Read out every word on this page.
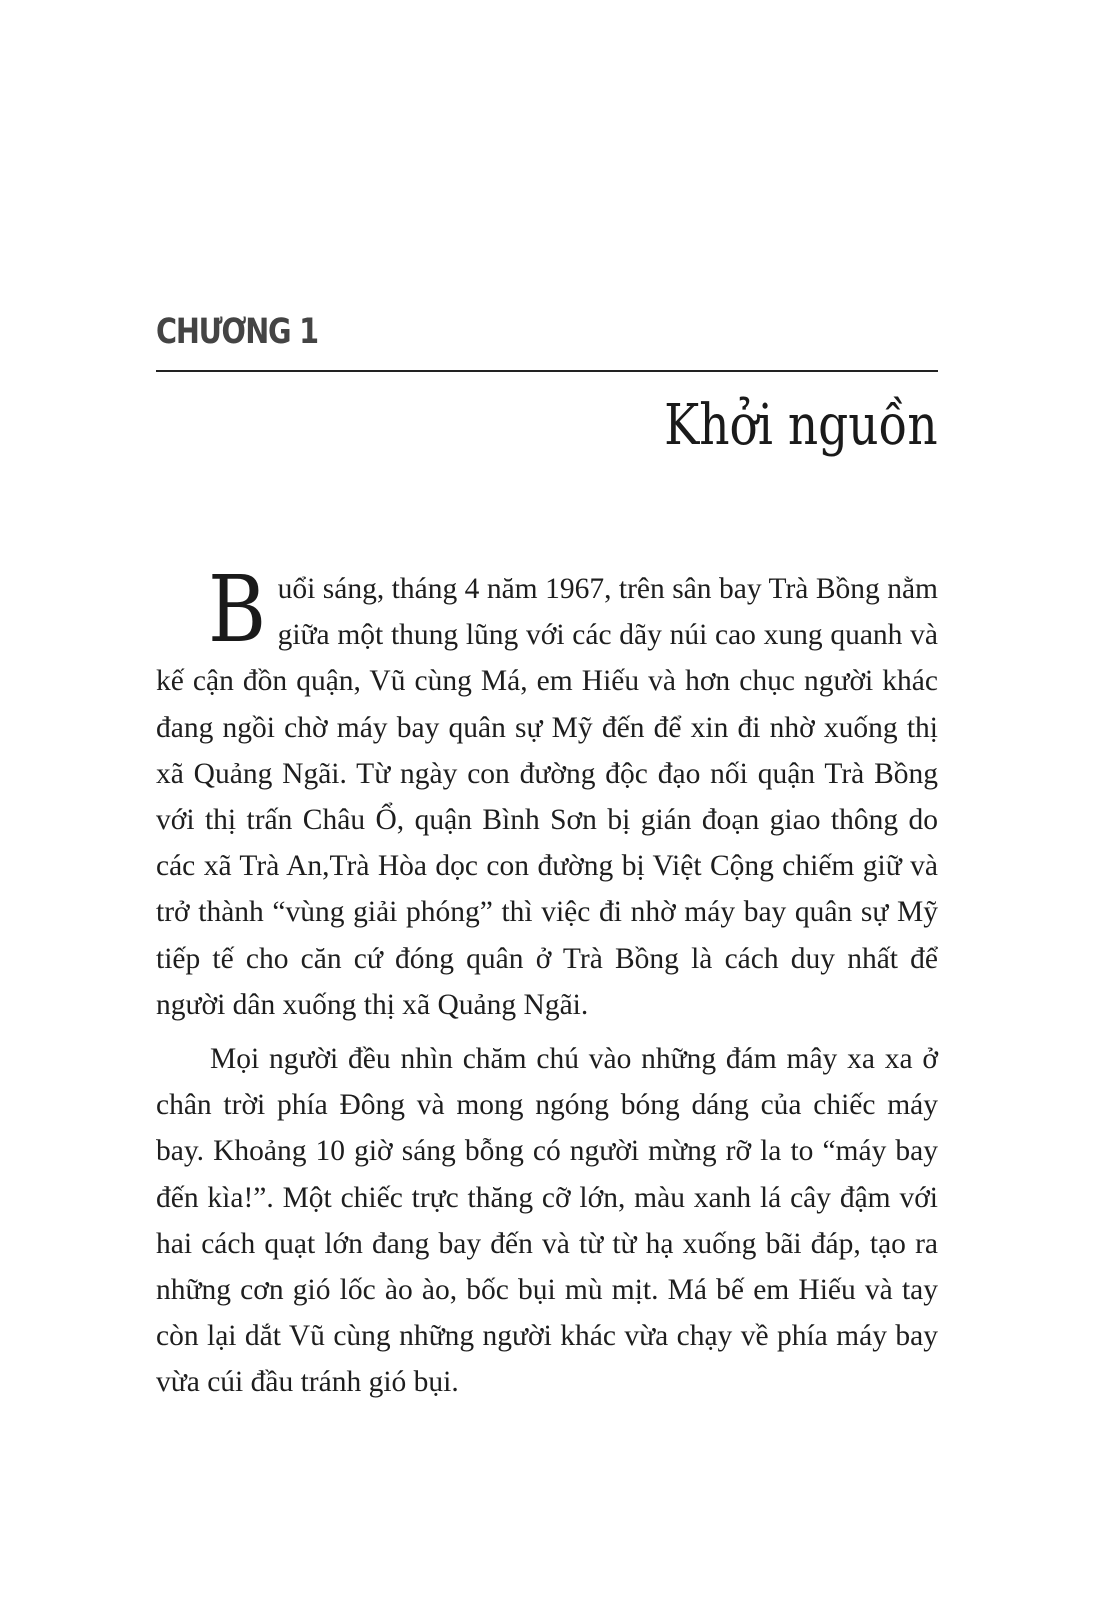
CHƯƠNG 1
Khởi nguồn

Buổi sáng, tháng 4 năm 1967, trên sân bay Trà Bồng nằm giữa một thung lũng với các dãy núi cao xung quanh và kế cận đồn quận, Vũ cùng Má, em Hiếu và hơn chục người khác đang ngồi chờ máy bay quân sự Mỹ đến để xin đi nhờ xuống thị xã Quảng Ngãi. Từ ngày con đường độc đạo nối quận Trà Bồng với thị trấn Châu Ổ, quận Bình Sơn bị gián đoạn giao thông do các xã Trà An,Trà Hòa dọc con đường bị Việt Cộng chiếm giữ và trở thành “vùng giải phóng” thì việc đi nhờ máy bay quân sự Mỹ tiếp tế cho căn cứ đóng quân ở Trà Bồng là cách duy nhất để người dân xuống thị xã Quảng Ngãi.

Mọi người đều nhìn chăm chú vào những đám mây xa xa ở chân trời phía Đông và mong ngóng bóng dáng của chiếc máy bay. Khoảng 10 giờ sáng bỗng có người mừng rỡ la to “máy bay đến kìa!”. Một chiếc trực thăng cỡ lớn, màu xanh lá cây đậm với hai cách quạt lớn đang bay đến và từ từ hạ xuống bãi đáp, tạo ra những cơn gió lốc ào ào, bốc bụi mù mịt. Má bế em Hiếu và tay còn lại dắt Vũ cùng những người khác vừa chạy về phía máy bay vừa cúi đầu tránh gió bụi.
